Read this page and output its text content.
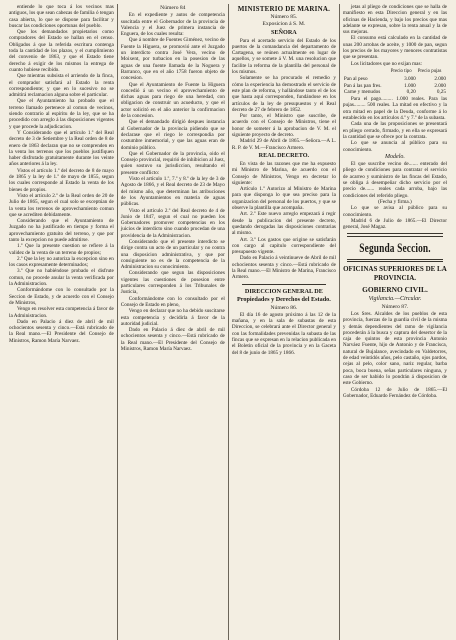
entiende lo que toca á los vecinos mas antiguos, los que sean cabezas de familia ó tengan casa abierta, lo que se dispone para facilitar y buscar las condiciones oportunas del pueblo.

Que los demandados propietarios como compradores del Estado se hallan en el censo. Obligados á que la referida escritura contenga toda la cantidad de los plazos, y el cumplimiento del convenio de 1863, y que el Estado tiene derecho á exigir de los mismos la entrega de cuanto hubiese recibido.

Que mientras subsista el arriendo de la finca, el comprador satisfará al Estado la renta correspondiente; y que en lo sucesivo no se admitirá reclamacion alguna sobre el particular.

Que el Ayuntamiento ha probado que el terreno llamado pertenece al comun de vecinos, siendo contrario al espíritu de la ley, que se ha procedido con arreglo á las disposiciones vigentes y que procede la adjudicacion.

Y Considerando que el artículo 1.º del Real decreto de 3 de Setiembre y la Real orden de 8 de enero de 1863 declaran que no se comprenden en la venta los terrenos que los pueblos justifiquen haber disfrutado gratuitamente durante los veinte años anteriores á la ley.

Vistos el artículo 1.º del decreto de 8 de mayo de 1865 y la ley de 1.º de mayo de 1855, segun los cuales corresponde al Estado la venta de los bienes de propios.

Visto el artículo 2.º de la Real orden de 20 de Julio de 1865, segun el cual solo se exceptúan de la venta los terrenos de aprovechamiento comun que se acrediten debidamente.

Considerando que el Ayuntamiento de Juzgado no ha justificado en tiempo y forma el aprovechamiento gratuito del terreno, y que por tanto la excepcion no puede admitirse.

1.º Que la presente cuestion se refiere á la validez de la venta de un terreno de propios;

2.º Que la ley no autoriza la excepcion sino en los casos expresamente determinados;

3.º Que no habiéndose probado el disfrute comun, no procede anular la venta verificada por la Administracion.

Conformándome con lo consultado por la Seccion de Estado, y de acuerdo con el Consejo de Ministros,

Vengo en resolver esta competencia á favor de la Administracion.

Dado en Palacio á diez de abril de mil ochocientos sesenta y cinco.—Está rubricado de la Real mano.—El Presidente del Consejo de Ministros, Ramon María Narvaez.

Número 84

En el expediente y autos de competencia suscitada entre el Gobernador de la provincia de Valencia y el Juez de primera instancia de Enguera, de los cuales resulta:

Que á nombre de Fuentes Giménez, vecino de Fuente la Higuera, se promovió ante el Juzgado un interdicto contra José Vera, vecino de Moixent, por turbacion en la posesion de las aguas de una fuente llamada de la Noguera y Barranco, que en el año 1758 fueron objeto de concesion.

Que el Ayuntamiento de Fuente la Higuera concedió á un vecino el aprovechamiento de dichas aguas para riego de una heredad, con obligacion de construir un acueducto, y que el actor solicitó en el año anterior la confirmacion de la concesion.

Que el demandado dirigió despues instancia al Gobernador de la provincia pidiendo que se declarase que el riego le correspondia por costumbre inmemorial, y que las aguas eran de dominio público.

Que el Gobernador de la provincia, oido el Consejo provincial, requirió de inhibicion al Juez, quien sostuvo su jurisdiccion, resultando el presente conflicto:

Visto el artículo 1.º, 7.º y 8.º de la ley de 3 de Agosto de 1866, y el Real decreto de 23 de Mayo del mismo año, que determinan las atribuciones de los Ayuntamientos en materia de aguas públicas.

Visto el artículo 2.º del Real decreto de 4 de Junio de 1847, segun el cual no pueden los Gobernadores promover competencias en los juicios de interdicto sino cuando procedan de una providencia de la Administracion.

Considerando que el presente interdicto se dirige contra un acto de un particular y no contra una disposicion administrativa, y que por consiguiente no es de la competencia de la Administracion su conocimiento.

Considerando que segun las disposiciones vigentes las cuestiones de posesion entre particulares corresponden á los Tribunales de Justicia,

Conformándome con lo consultado por el Consejo de Estado en pleno,

Vengo en declarar que no ha debido suscitarse esta competencia y decidirla á favor de la autoridad judicial.

Dado en Palacio á diez de abril de mil ochocientos sesenta y cinco.—Está rubricado de la Real mano.—El Presidente del Consejo de Ministros, Ramon María Narvaez.

MINISTERIO DE MARINA.
Número 85.
Exposicion á S. M.
SEÑORA

Para el acertado servicio del Estado de los puertos de la comandancia del departamento de Cartagena, se reúnen actualmente en lugar de aquellos, y se somete á V. M. una resolucion que facilite la reforma de la plantilla del personal de los mismos.

Solamente se ha procurado el remedio y cómo la experiencia ha demostrado el servicio de este plan de reforma, y hallándose tanto el de los que hasta aquí corresponden, fundándose en los artículos de la ley de presupuestos y el Real decreto de 27 de febrero de 1852.

Por tanto, el Ministro que suscribe, de acuerdo con el Consejo de Ministros, tiene el honor de someter á la aprobacion de V. M. el siguiente proyecto de decreto.

Madrid 29 de Abril de 1865.—Señora.—A L. R. P. de V. M.—Francisco Armero.

REAL DECRETO.

En vista de las razones que me ha expuesto mi Ministro de Marina, de acuerdo con el Consejo de Ministros, Vengo en decretar lo siguiente:

Artículo 1.º Autorizo al Ministro de Marina para que disponga lo que sea preciso para la organizacion del personal de los puertos, y que se observe la plantilla que acompaña.

Art. 2.º Este nuevo arreglo empezará á regir desde la publicacion del presente decreto, quedando derogadas las disposiciones contrarias al mismo.

Art. 3.º Los gastos que origine se satisfarán con cargo al capítulo correspondiente del presupuesto vigente.

Dado en Palacio á veintinueve de Abril de mil ochocientos sesenta y cinco.—Está rubricado de la Real mano.—El Ministro de Marina, Francisco Armero.

DIRECCION GENERAL DE Propiedades y Derechos del Estado.
Número 86.

El día 16 de agosto próximo á las 12 de la mañana, y en la sala de subastas de esta Direccion, se celebrará ante el Director general y con las formalidades prevenidas la subasta de las fincas que se expresan en la relacion publicada en el Boletin oficial de la provincia y en la Gaceta del 8 de junio de 1865 y 1866.

jetas al pliego de condiciones que se halla de manifiesto en esta Direccion general y en las oficinas de Hacienda, y bajo los precios que mas adelante se expresan, sobre la renta anual y la de sus mejoras.

El consumo está calculado en la cantidad de unas 200 arrobas de aceite, y 1000 de pan, segun los precios de los mayores y menores contratistas que se presentan.

Los licitadores que no exijan mas:

	Precio tipo	Precio pujas
Pan al peso	3.000	2.000
Pan á las pan fres.	1.000	2.000
Carne y menudos	0,20	0,25

Para el pago......... 1.000 reales. Para las pujas......... 500 reales. La mitad en efectivo y la otra mitad en papel de la Deuda, conforme á lo establecido en los artículos 4.º y 7.º de la subasta.

Cada una de las proposiciones se presentará en pliego cerrado, firmado, y en ella se expresará la cantidad que se ofrece por la contrata.

Lo que se anuncia al público para su conocimiento.

Modelo.

El que suscribe vecino de....... enterado del pliego de condiciones para contratar el servicio de acarreo y suministro de las fincas del Estado, se obliga á desempeñar dicho servicio por el precio de....... reales cada arroba, bajo las condiciones del referido pliego.

(Fecha y firma.)

Lo que se avisa al público para su conocimiento.

Madrid 6 de Julio de 1865.—El Director general, José Magaz.

Segunda Seccion.
OFICINAS SUPERIORES DE LA PROVINCIA.
GOBIERNO CIVIL.
Vigilancia.—Circular.
Número 87.

Los Sres. Alcaldes de los pueblos de esta provincia, fuerzas de la guardia civil de la misma y demás dependientes del ramo de vigilancia procederán á la busca y captura del desertor de la caja de quintos de esta provincia Antonio Narváez Fuente, hijo de Antonio y de Francisca, natural de Bujalance, avecindado en Valdetorres, de edad veintidós años, pelo castaño, ojos pardos, cejas al pelo, color sano, nariz regular, barba poca, boca buena, señas particulares ninguna, y caso de ser habido lo pondrán á disposicion de este Gobierno.

Córdoba 12 de Julio de 1865.—El Gobernador, Eduardo Fernández de Córdoba.
